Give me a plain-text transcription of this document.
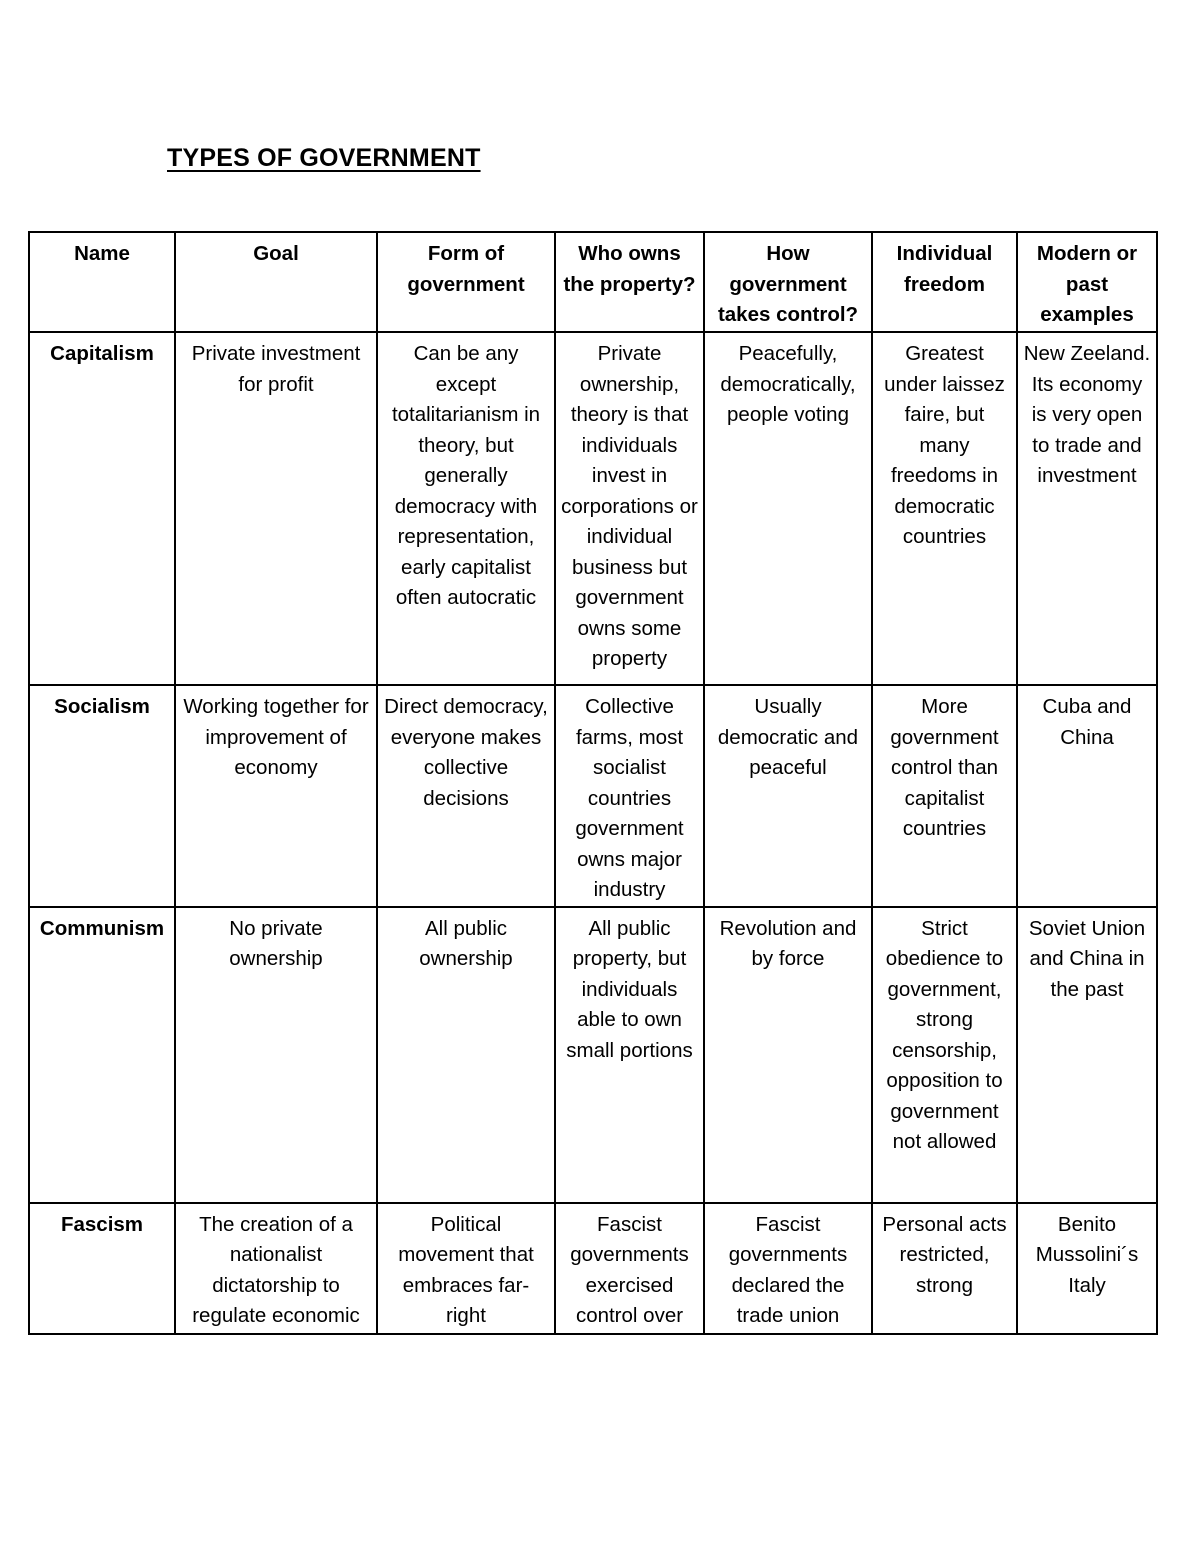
TYPES OF GOVERNMENT
Name	Goal	Form of government	Who owns the property?	How government takes control?	Individual freedom	Modern or past examples
Capitalism	Private investment for profit	Can be any except totalitarianism in theory, but generally democracy with representation, early capitalist often autocratic	Private ownership, theory is that individuals invest in corporations or individual business but government owns some property	Peacefully, democratically, people voting	Greatest under laissez faire, but many freedoms in democratic countries	New Zeeland. Its economy is very open to trade and investment
Socialism	Working together for improvement of economy	Direct democracy, everyone makes collective decisions	Collective farms, most socialist countries government owns major industry	Usually democratic and peaceful	More government control than capitalist countries	Cuba and China
Communism	No private ownership	All public ownership	All public property, but individuals able to own small portions	Revolution and by force	Strict obedience to government, strong censorship, opposition to government not allowed	Soviet Union and China in the past

Fascism	The creation of a nationalist dictatorship to regulate economic	Political movement that embraces far-right	Fascist governments exercised control over	Fascist governments declared the trade union	Personal acts restricted, strong	Benito Mussolini´s Italy
